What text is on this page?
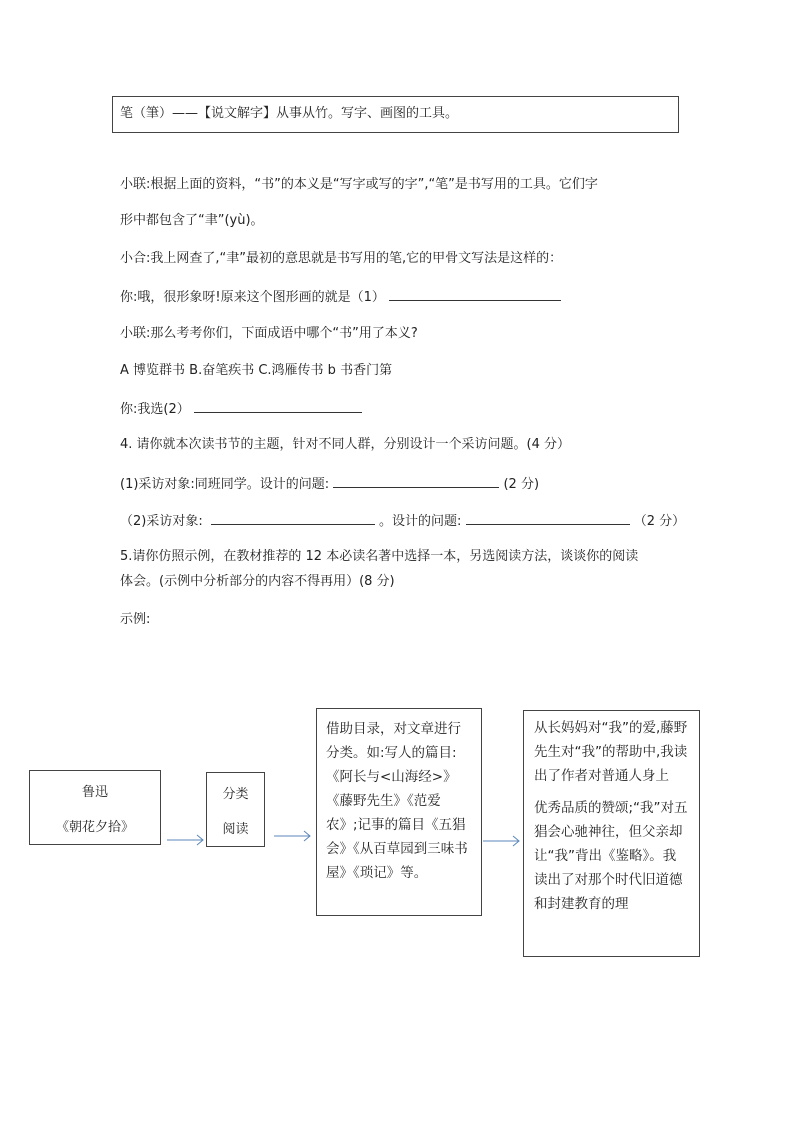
笔（筆）——【说文解字】从事从竹。写字、画图的工具。
小联:根据上面的资料，“书”的本义是“写字或写的字”,“笔”是书写用的工具。它们字
形中都包含了“聿”(yù)。
小合:我上网查了,“聿”最初的意思就是书写用的笔,它的甲骨文写法是这样的：
你:哦，很形象呀!原来这个图形画的就是（1）
小联:那么考考你们，下面成语中哪个“书”用了本义?
A 博览群书 B.奋笔疾书 C.鸿雁传书 b 书香门第
你:我选(2）
4. 请你就本次读书节的主题，针对不同人群，分别设计一个采访问题。(4 分）
(1)采访对象:同班同学。设计的问题:	(2 分)
（2)采访对象:	。设计的问题:	（2 分）
5.请你仿照示例，在教材推荐的 12 本必读名著中选择一本，另选阅读方法，谈谈你的阅读
体会。(示例中分析部分的内容不得再用）(8 分)
示例:
鲁迅
《朝花夕拾》
分类
阅读
借助目录，对文章进行分类。如:写人的篇目:《阿长与<山海经>》《藤野先生》《范爱农》;记事的篇目《五猖会》《从百草园到三味书屋》《琐记》等。
从长妈妈对“我”的爱,藤野先生对“我”的帮助中,我读出了作者对普通人身上
优秀品质的赞颂;“我”对五猖会心驰神往，但父亲却让“我”背出《鉴略》。我读出了对那个时代旧道德和封建教育的理
